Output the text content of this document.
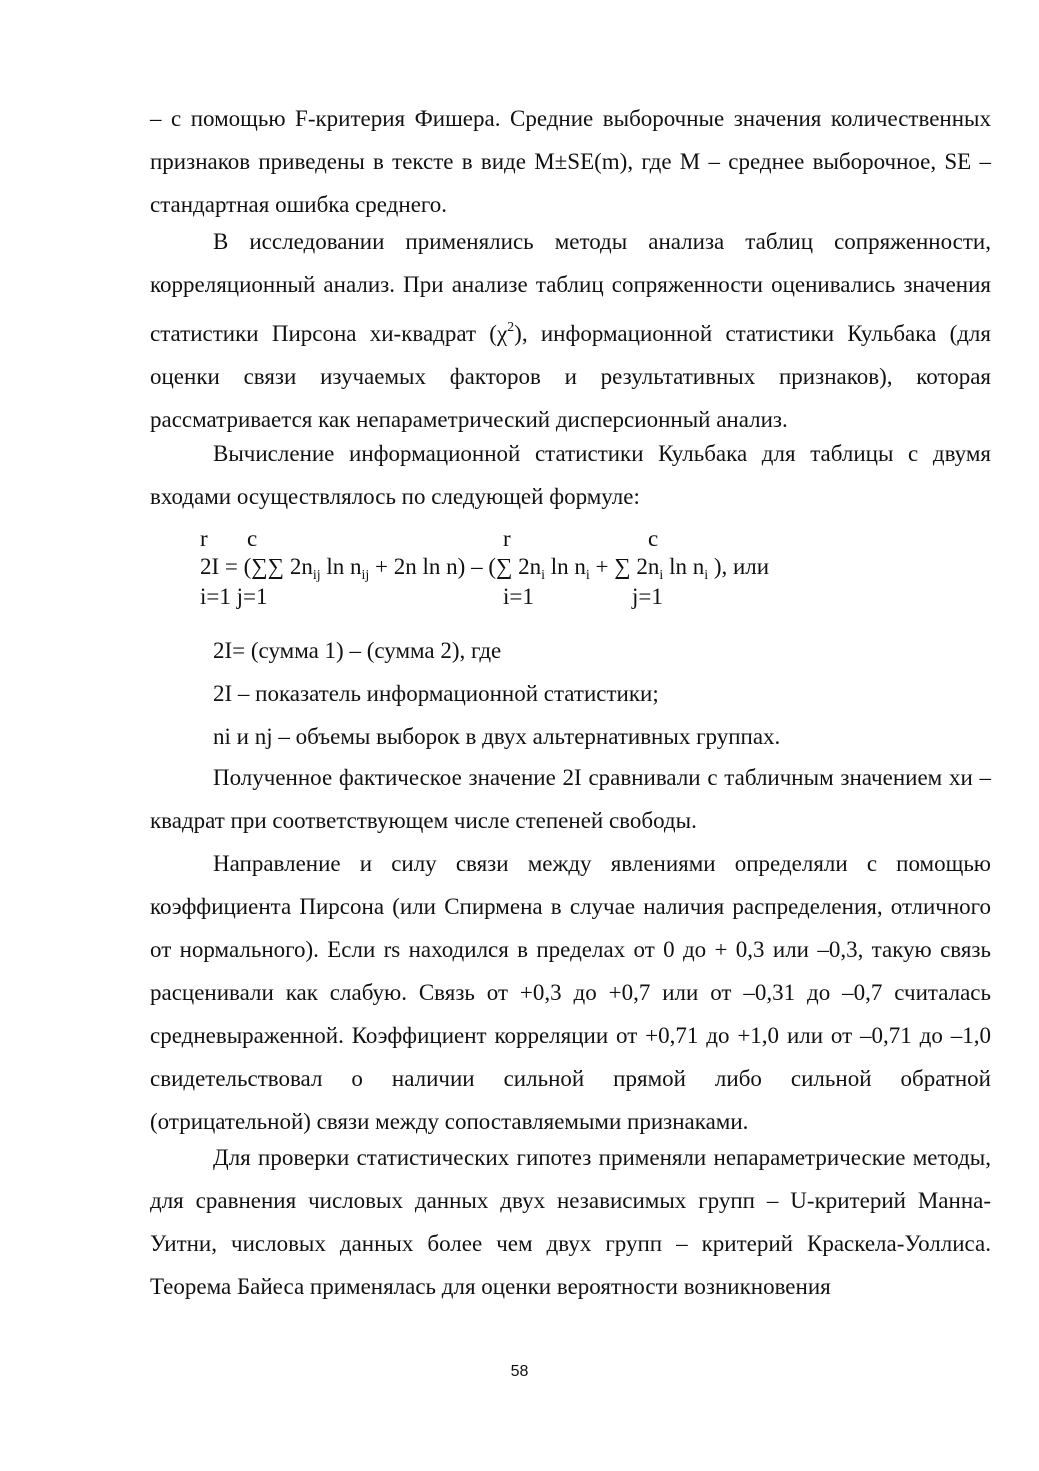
– с помощью F-критерия Фишера. Средние выборочные значения количественных признаков приведены в тексте в виде M±SE(m), где M – среднее выборочное, SE – стандартная ошибка среднего.

В исследовании применялись методы анализа таблиц сопряженности, корреляционный анализ. При анализе таблиц сопряженности оценивались значения статистики Пирсона хи-квадрат $(\chi^2)$, информационной статистики Кульбака (для оценки связи изучаемых факторов и результативных признаков), которая рассматривается как непараметрический дисперсионный анализ.

Вычисление информационной статистики Кульбака для таблицы с двумя входами осуществлялось по следующей формуле:

r c	r	c
2I = (∑∑ $2n_{ij}$ $\ln n_{ij} + 2n$ ln n) – (∑ $2n_i$ $\ln n_i$ + ∑ $2n_i$ $\ln n_i$ ), или
i=1 j=1	i=1	j=1
2I= (сумма 1) – (сумма 2), где
2I – показатель информационной статистики;
ni и nj – объемы выборок в двух альтернативных группах.

Полученное фактическое значение 2I сравнивали с табличным значением хи – квадрат при соответствующем числе степеней свободы.

Направление и силу связи между явлениями определяли с помощью коэффициента Пирсона (или Спирмена в случае наличия распределения, отличного от нормального). Если rs находился в пределах от 0 до + 0,3 или –0,3, такую связь расценивали как слабую. Связь от +0,3 до +0,7 или от –0,31 до –0,7 считалась средневыраженной. Коэффициент корреляции от +0,71 до +1,0 или от –0,71 до –1,0 свидетельствовал о наличии сильной прямой либо сильной обратной (отрицательной) связи между сопоставляемыми признаками.

Для проверки статистических гипотез применяли непараметрические методы, для сравнения числовых данных двух независимых групп – U-критерий Манна-Уитни, числовых данных более чем двух групп – критерий Краскела-Уоллиса. Теорема Байеса применялась для оценки вероятности возникновения

58
